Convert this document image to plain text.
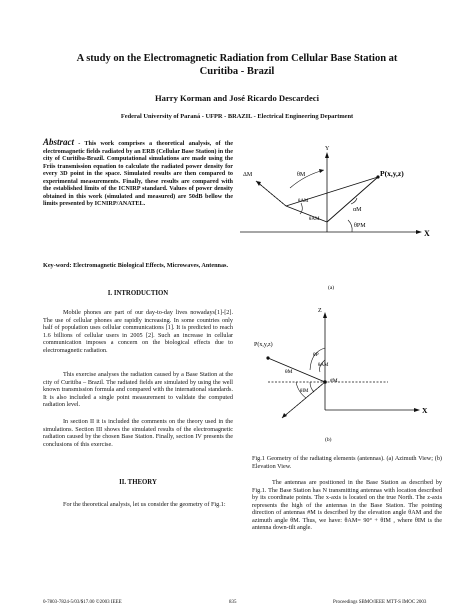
A study on the Electromagnetic Radiation from Cellular Base Station at
Curitiba - Brazil
Harry Korman and José Ricardo Descardeci
Federal University of Paraná - UFPR - BRAZIL - Electrical Engineering Department
Abstract - This work comprises a theoretical analysis, of the electromagnetic fields radiated by an ERB (Cellular Base Station) in the city of Curitiba-Brazil. Computational simulations are made using the Friis transmission equation to calculate the radiated power density for every 3D point in the space. Simulated results are then compared to experimental measurements. Finally, these results are compared with the established limits of the ICNIRP standard. Values of power density obtained in this work (simulated and measured) are 50dB bellow the limits presented by ICNIRP/ANATEL.
Key-word: Electromagnetic Biological Effects, Microwaves, Antennas.
I. INTRODUCTION
Mobile phones are part of our day-to-day lives nowadays[1]-[2]. The use of cellular phones are rapidly increasing. In some countries only half of population uses cellular communications [1]. It is predicted to reach 1.6 billions of cellular users in 2005 [2]. Such an increase in cellular communication imposes a concern on the biological effects due to electromagnetic radiation.
This exercise analyses the radiation caused by a Base Station at the city of Curitiba – Brazil. The radiated fields are simulated by using the well known transmission formula and compared with the international standards. It is also included a single point measurement to validate the computed radiation level.
In section II it is included the comments on the theory used in the simulations. Section III shows the simulated results of the electromagnetic radiation caused by the chosen Base Station. Finally, section IV presents the conclusions of this exercise.
II. THEORY
For the theoretical analysis, let us consider the geometry of Fig.1:
Y
X
ΔM	P(x,y,z)
θM
θAM
θAM
αM
θPM
(a)
Z
X
P(x,y,z)
#M
θP
θAM
θM
θIM
(b)
Fig.1 Geometry of the radiating elements (antennas). (a) Azimuth View; (b) Elevation View.
The antennas are positioned in the Base Station as described by Fig.1. The Base Station has N transmitting antennas with location described by its coordinate points. The x-axis is located on the true North. The z-axis represents the high of the antennas in the Base Station. The pointing direction of antennas #M is described by the elevation angle θAM and the azimuth angle θM. Thus, we have: θAM= 90° + θIM , where θIM is the antenna down-tilt angle.
0-7803-7824-5/03/$17.00 ©2003 IEEE	835	Proceedings SBMO/IEEE MTT-S IMOC 2003
